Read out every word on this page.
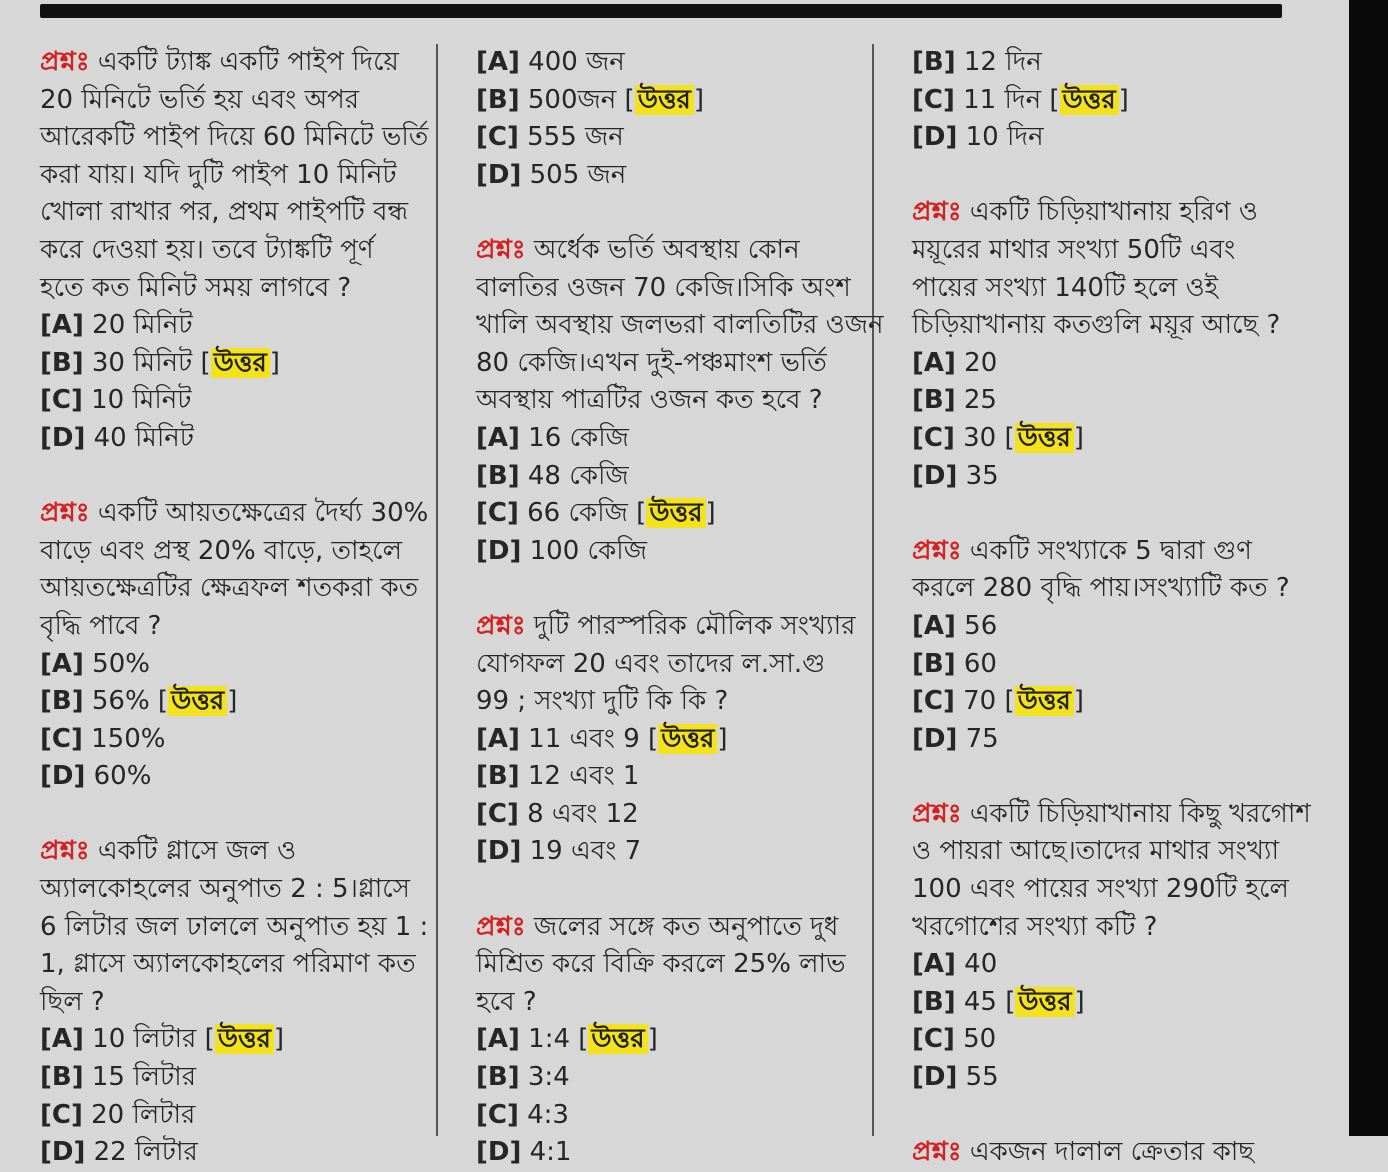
প্রশ্নঃ একটি ট্যাঙ্ক একটি পাইপ দিয়ে
20 মিনিটে ভর্তি হয় এবং অপর
আরেকটি পাইপ দিয়ে 60 মিনিটে ভর্তি
করা যায়। যদি দুটি পাইপ 10 মিনিট
খোলা রাখার পর, প্রথম পাইপটি বন্ধ
করে দেওয়া হয়। তবে ট্যাঙ্কটি পূর্ণ
হতে কত মিনিট সময় লাগবে ?
[A] 20 মিনিট
[B] 30 মিনিট [ উত্তর ]
[C] 10 মিনিট
[D] 40 মিনিট
প্রশ্নঃ একটি আয়তক্ষেত্রের দৈর্ঘ্য 30%
বাড়ে এবং প্রস্থ 20% বাড়ে, তাহলে
আয়তক্ষেত্রটির ক্ষেত্রফল শতকরা কত
বৃদ্ধি পাবে ?
[A] 50%
[B] 56% [ উত্তর ]
[C] 150%
[D] 60%
প্রশ্নঃ একটি গ্লাসে জল ও
অ্যালকোহলের অনুপাত 2 : 5।গ্লাসে
6 লিটার জল ঢাললে অনুপাত হয় 1 :
1, গ্লাসে অ্যালকোহলের পরিমাণ কত
ছিল ?
[A] 10 লিটার [ উত্তর ]
[B] 15 লিটার
[C] 20 লিটার
[D] 22 লিটার
[A] 400 জন
[B] 500জন [ উত্তর ]
[C] 555 জন
[D] 505 জন
প্রশ্নঃ অর্ধেক ভর্তি অবস্থায় কোন
বালতির ওজন 70 কেজি।সিকি অংশ
খালি অবস্থায় জলভরা বালতিটির ওজন
80 কেজি।এখন দুই-পঞ্চমাংশ ভর্তি
অবস্থায় পাত্রটির ওজন কত হবে ?
[A] 16 কেজি
[B] 48 কেজি
[C] 66 কেজি [ উত্তর ]
[D] 100 কেজি
প্রশ্নঃ দুটি পারস্পরিক মৌলিক সংখ্যার
যোগফল 20 এবং তাদের ল.সা.গু
99 ; সংখ্যা দুটি কি কি ?
[A] 11 এবং 9 [ উত্তর ]
[B] 12 এবং 1
[C] 8 এবং 12
[D] 19 এবং 7
প্রশ্নঃ জলের সঙ্গে কত অনুপাতে দুধ
মিশ্রিত করে বিক্রি করলে 25% লাভ
হবে ?
[A] 1:4 [ উত্তর ]
[B] 3:4
[C] 4:3
[D] 4:1
[B] 12 দিন
[C] 11 দিন [ উত্তর ]
[D] 10 দিন
প্রশ্নঃ একটি চিড়িয়াখানায় হরিণ ও
ময়ূরের মাথার সংখ্যা 50টি এবং
পায়ের সংখ্যা 140টি হলে ওই
চিড়িয়াখানায় কতগুলি ময়ূর আছে ?
[A] 20
[B] 25
[C] 30 [ উত্তর ]
[D] 35
প্রশ্নঃ একটি সংখ্যাকে 5 দ্বারা গুণ
করলে 280 বৃদ্ধি পায়।সংখ্যাটি কত ?
[A] 56
[B] 60
[C] 70 [ উত্তর ]
[D] 75
প্রশ্নঃ একটি চিড়িয়াখানায় কিছু খরগোশ
ও পায়রা আছে।তাদের মাথার সংখ্যা
100 এবং পায়ের সংখ্যা 290টি হলে
খরগোশের সংখ্যা কটি ?
[A] 40
[B] 45 [ উত্তর ]
[C] 50
[D] 55
প্রশ্নঃ একজন দালাল ক্রেতার কাছ
